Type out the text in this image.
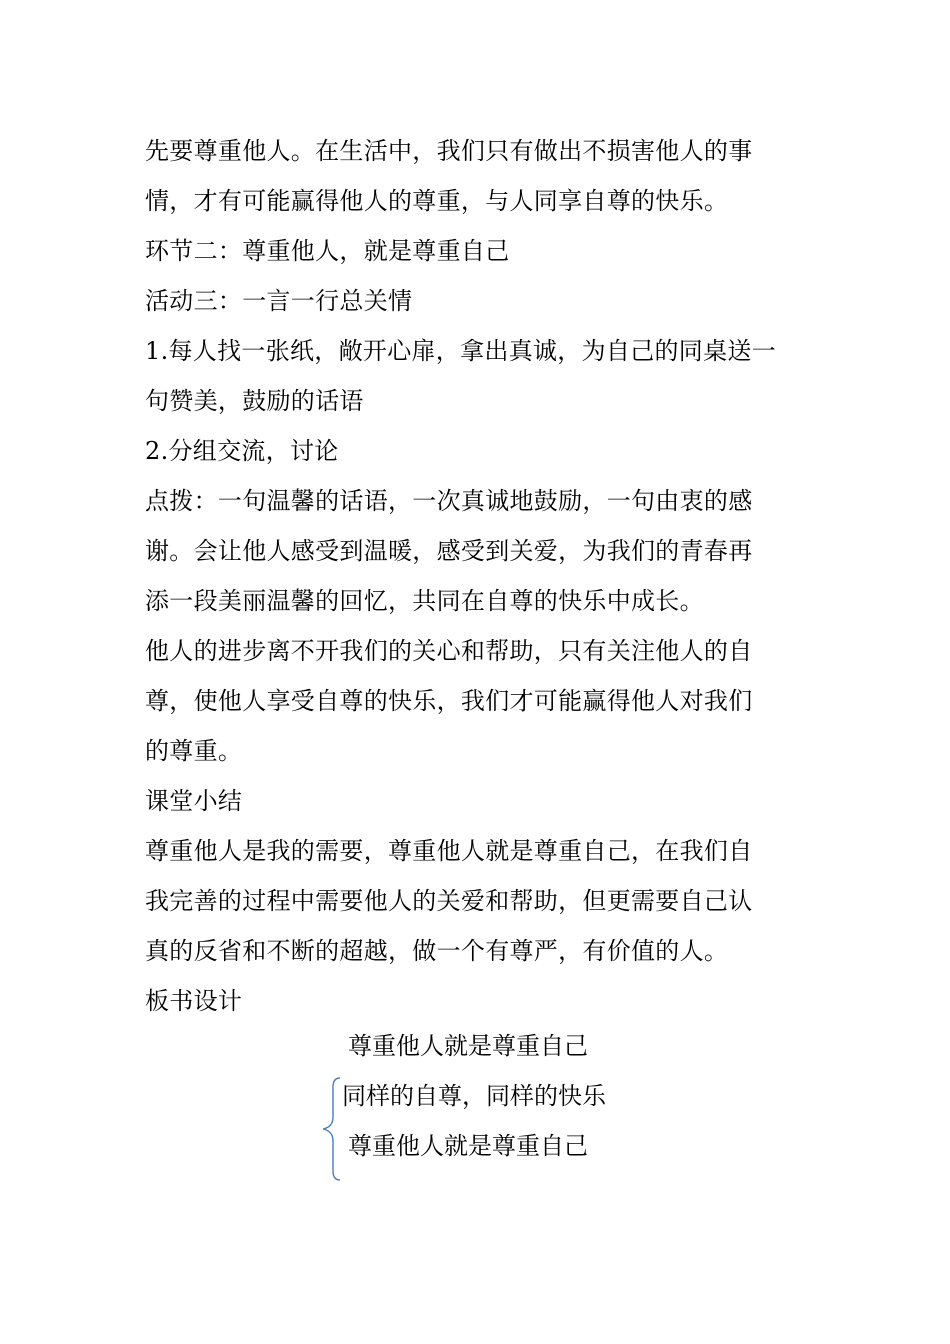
先要尊重他人。在生活中，我们只有做出不损害他人的事
情，才有可能赢得他人的尊重，与人同享自尊的快乐。
环节二：尊重他人，就是尊重自己
活动三：一言一行总关情
1.每人找一张纸，敞开心扉，拿出真诚，为自己的同桌送一
句赞美，鼓励的话语
2.分组交流，讨论
点拨：一句温馨的话语，一次真诚地鼓励，一句由衷的感
谢。会让他人感受到温暖，感受到关爱，为我们的青春再
添一段美丽温馨的回忆，共同在自尊的快乐中成长。
他人的进步离不开我们的关心和帮助，只有关注他人的自
尊，使他人享受自尊的快乐，我们才可能赢得他人对我们
的尊重。
课堂小结
尊重他人是我的需要，尊重他人就是尊重自己，在我们自
我完善的过程中需要他人的关爱和帮助，但更需要自己认
真的反省和不断的超越，做一个有尊严，有价值的人。
板书设计
尊重他人就是尊重自己
同样的自尊，同样的快乐
尊重他人就是尊重自己
